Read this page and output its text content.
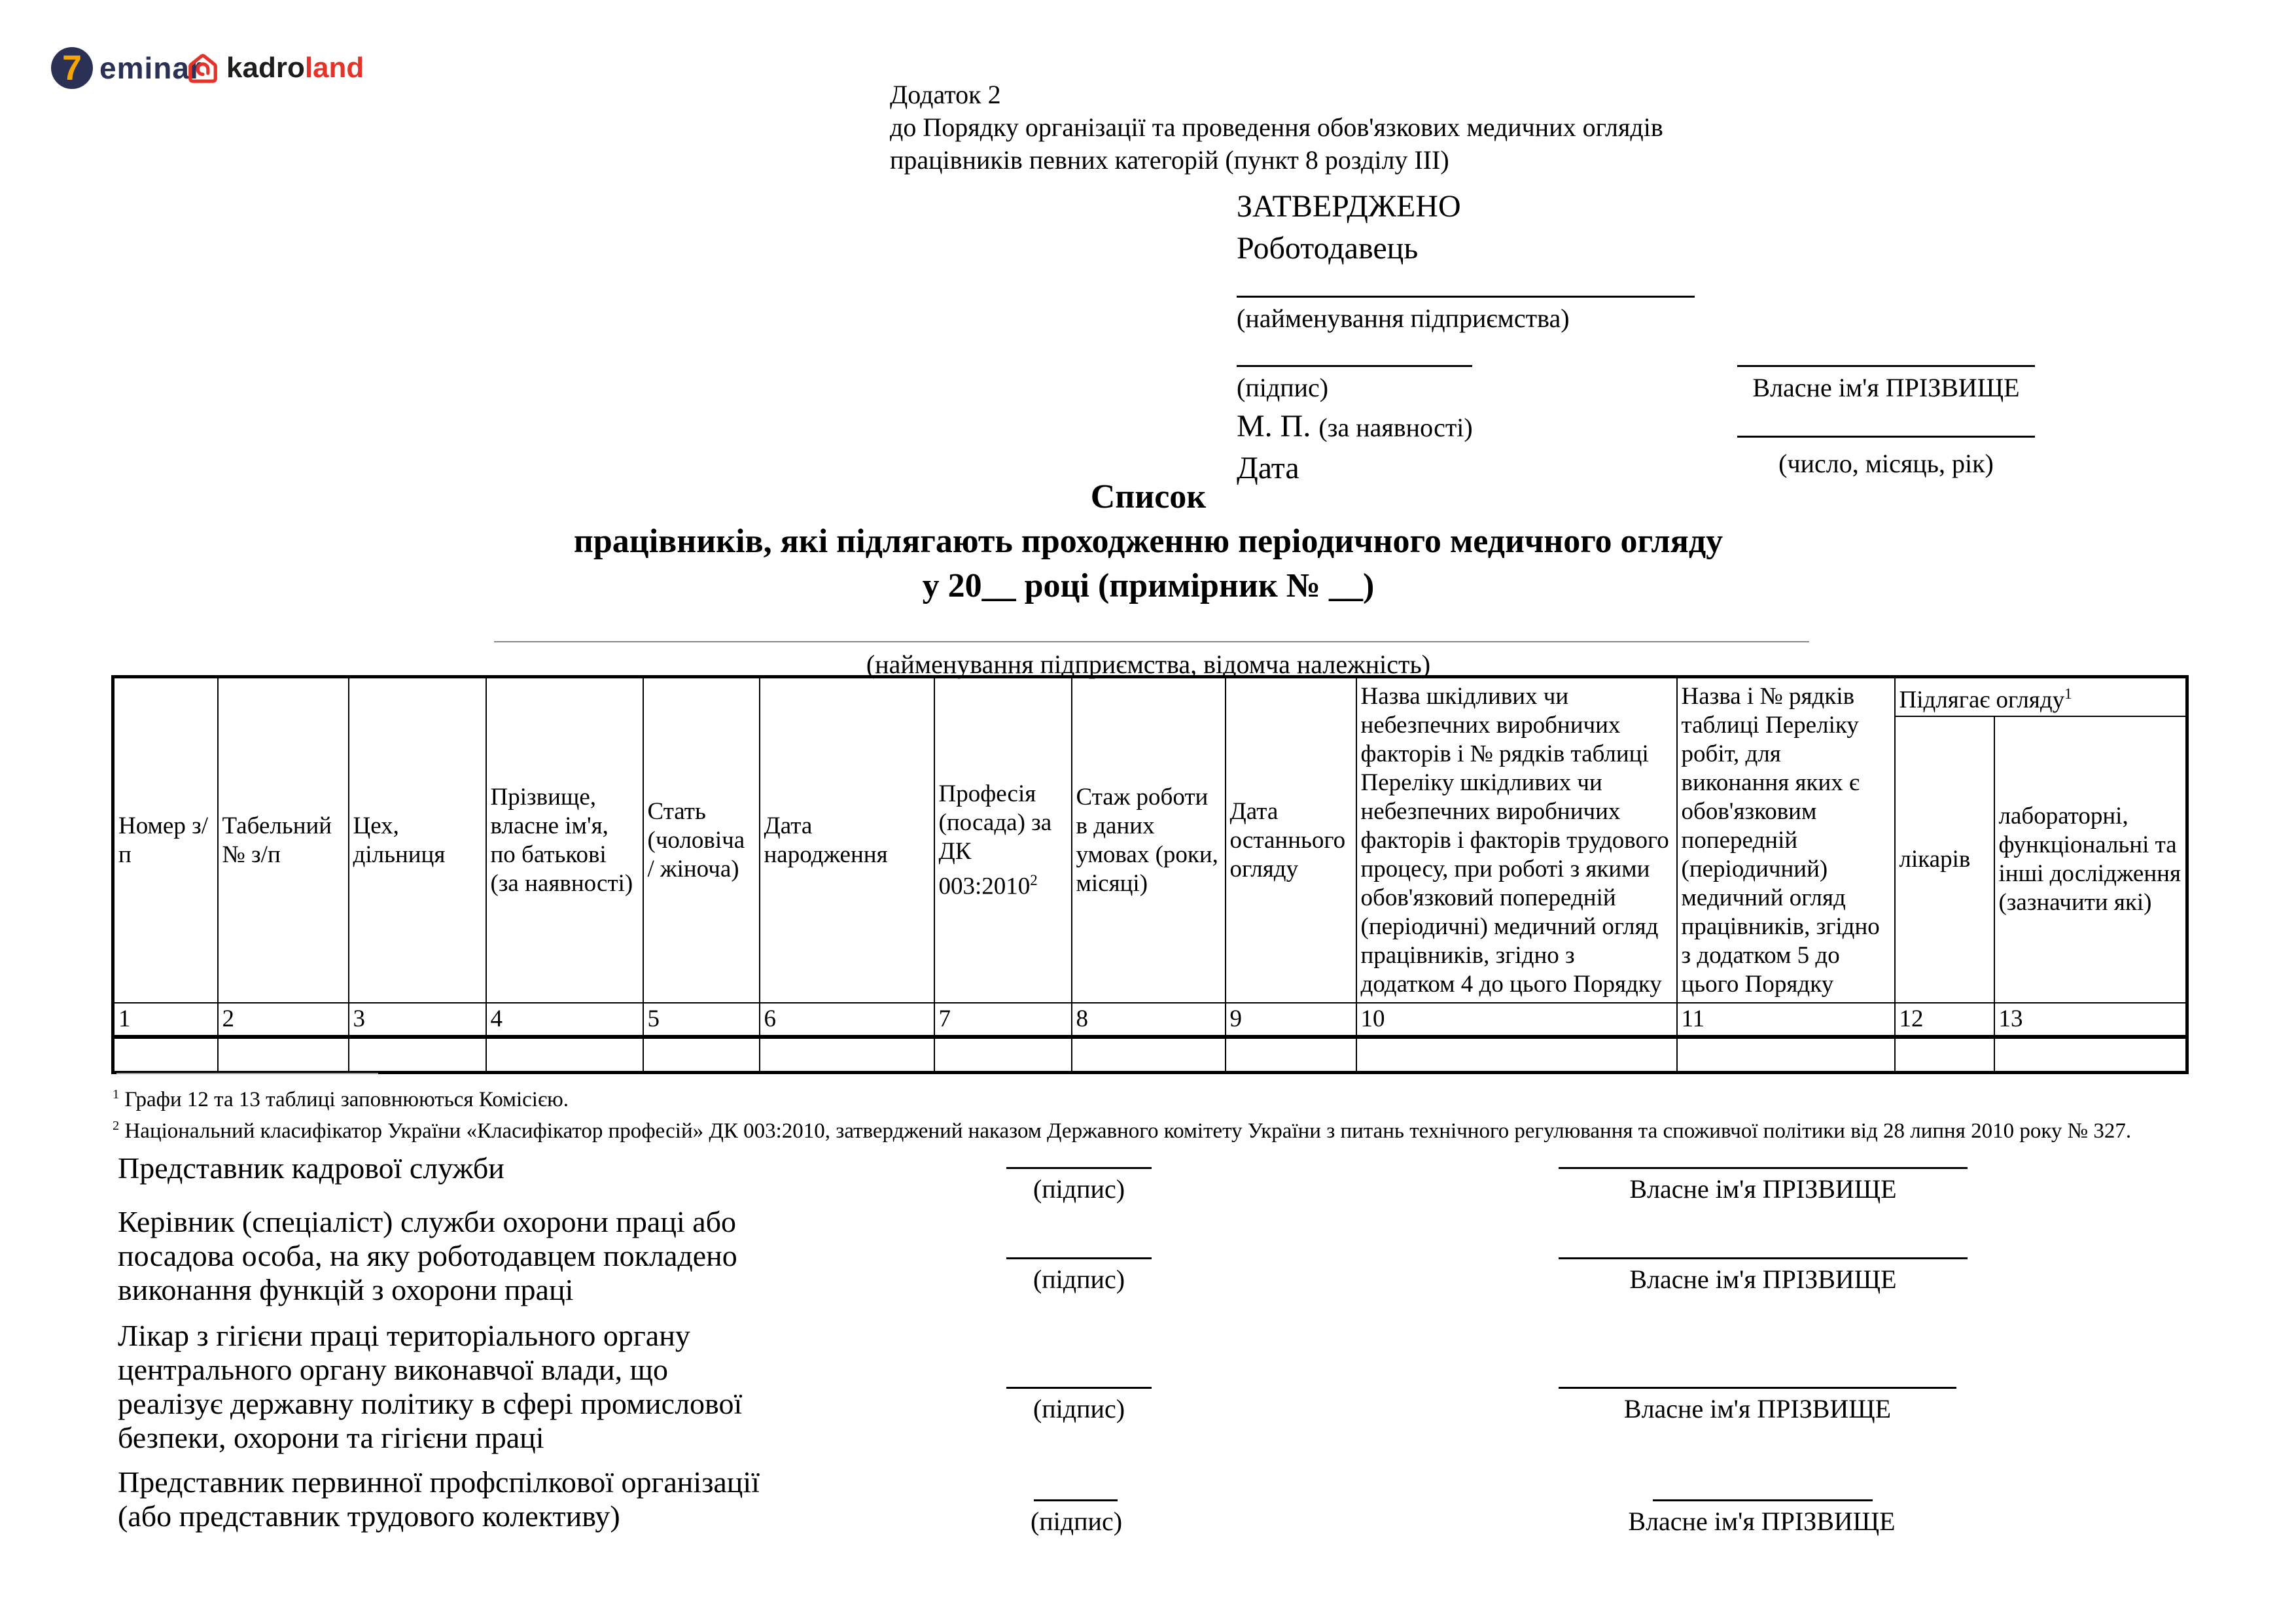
7 eminar kadroland
Додаток 2
до Порядку організації та проведення обов'язкових медичних оглядів
працівників певних категорій (пункт 8 розділу III)
ЗАТВЕРДЖЕНО
Роботодавець
(найменування підприємства)
(підпис)	Власне ім'я ПРІЗВИЩЕ
М. П. (за наявності)
Дата	(число, місяць, рік)
Список
працівників, які підлягають проходженню періодичного медичного огляду
у 20__ році (примірник № __)
(найменування підприємства, відомча належність)
Номер з/п	Табельний № з/п	Цех, дільниця	Прізвище, власне ім'я, по батькові (за наявності)	Стать (чоловіча / жіноча)	Дата народження	Професія (посада) за ДК 003:2010$^2$	Стаж роботи в даних умовах (роки, місяці)	Дата останнього огляду	Назва шкідливих чи небезпечних виробничих факторів і № рядків таблиці Переліку шкідливих чи небезпечних виробничих факторів і факторів трудового процесу, при роботі з якими обов'язковий попередній (періодичні) медичний огляд працівників, згідно з додатком 4 до цього Порядку	Назва і № рядків таблиці Переліку робіт, для виконання яких є обов'язковим попередній (періодичний) медичний огляд працівників, згідно з додатком 5 до цього Порядку	Підлягає огляду$^1$
											лікарів	лабораторні, функціональні та інші дослідження (зазначити які)
1	2	3	4	5	6	7	8	9	10	11	12	13

$^1$ Графи 12 та 13 таблиці заповнюються Комісією.
$^2$ Національний класифікатор України «Класифікатор професій» ДК 003:2010, затверджений наказом Державного комітету України з питань технічного регулювання та споживчої політики від 28 липня 2010 року № 327.
Представник кадрової служби
(підпис)	Власне ім'я ПРІЗВИЩЕ
Керівник (спеціаліст) служби охорони праці або
посадова особа, на яку роботодавцем покладено
виконання функцій з охорони праці	(підпис)	Власне ім'я ПРІЗВИЩЕ
Лікар з гігієни праці територіального органу
центрального органу виконавчої влади, що
реалізує державну політику в сфері промислової
безпеки, охорони та гігієни праці
(підпис)	Власне ім'я ПРІЗВИЩЕ
Представник первинної профспілкової організації
(або представник трудового колективу)	(підпис)	Власне ім'я ПРІЗВИЩЕ
